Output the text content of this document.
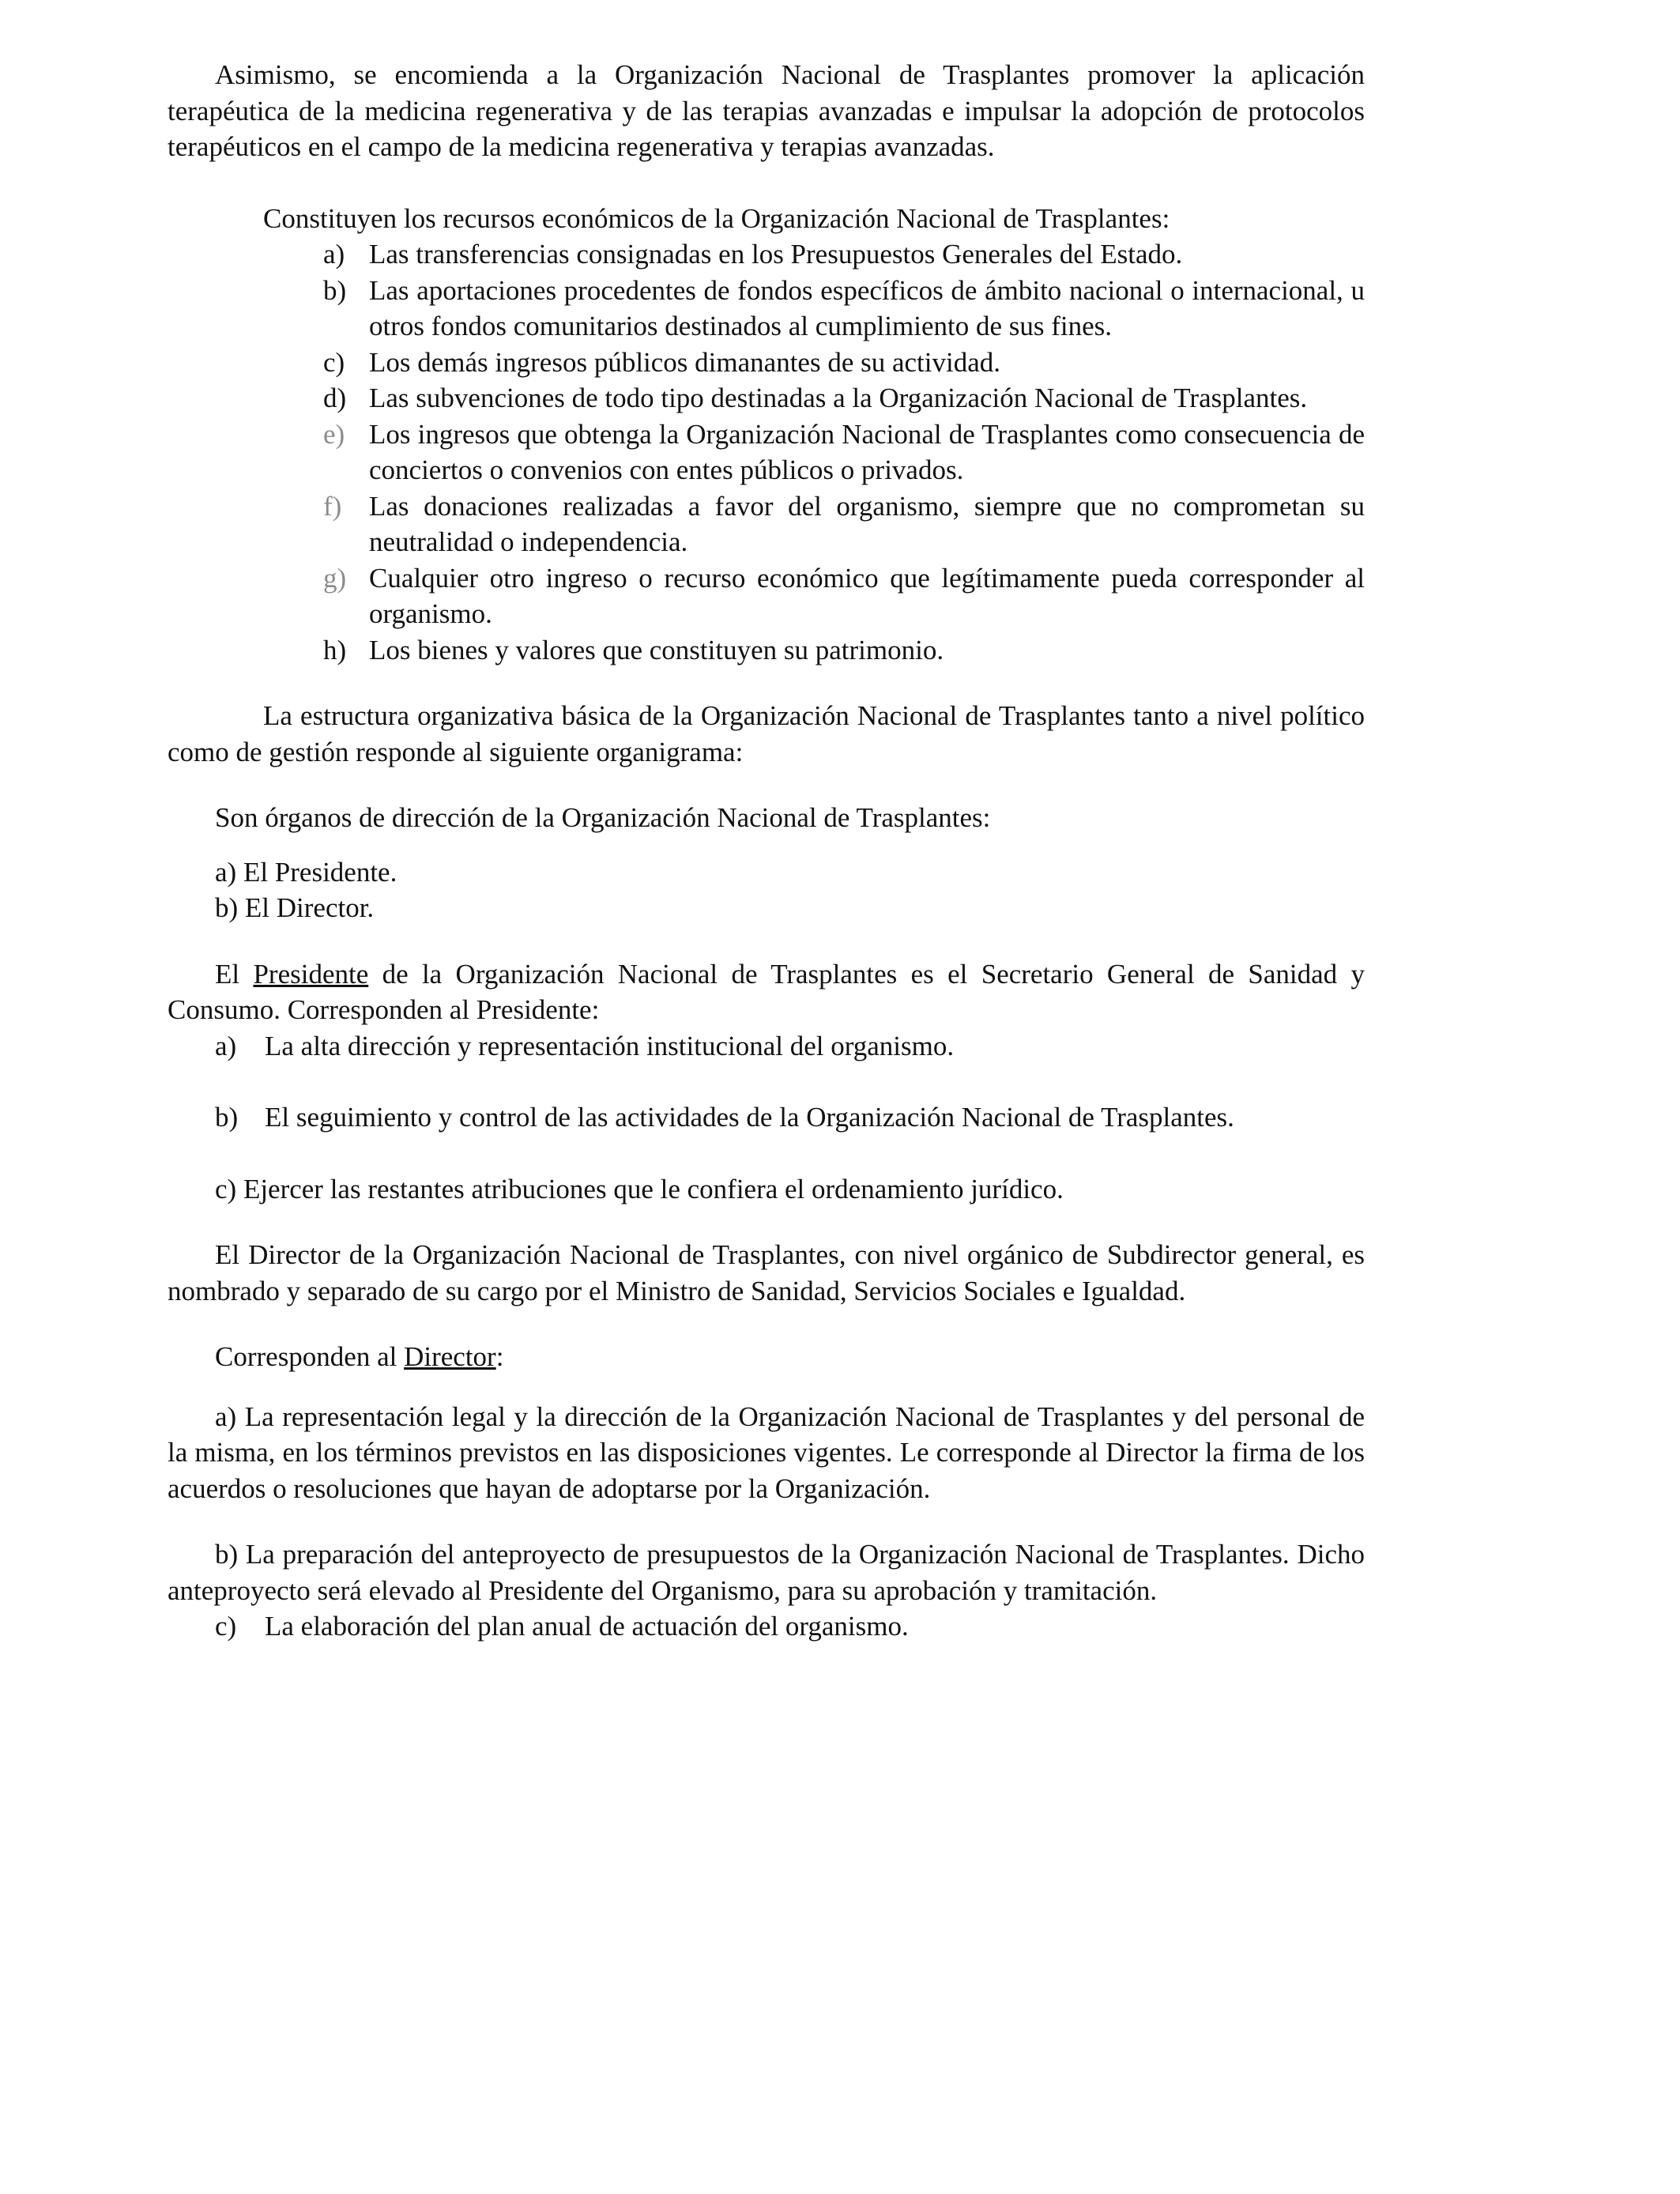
Asimismo, se encomienda a la Organización Nacional de Trasplantes promover la aplicación terapéutica de la medicina regenerativa y de las terapias avanzadas e impulsar la adopción de protocolos terapéuticos en el campo de la medicina regenerativa y terapias avanzadas.

Constituyen los recursos económicos de la Organización Nacional de Trasplantes:

a) Las transferencias consignadas en los Presupuestos Generales del Estado.
b) Las aportaciones procedentes de fondos específicos de ámbito nacional o internacional, u otros fondos comunitarios destinados al cumplimiento de sus fines.
c) Los demás ingresos públicos dimanantes de su actividad.
d) Las subvenciones de todo tipo destinadas a la Organización Nacional de Trasplantes.
e) Los ingresos que obtenga la Organización Nacional de Trasplantes como consecuencia de conciertos o convenios con entes públicos o privados.
f) Las donaciones realizadas a favor del organismo, siempre que no comprometan su neutralidad o independencia.
g) Cualquier otro ingreso o recurso económico que legítimamente pueda corresponder al organismo.
h) Los bienes y valores que constituyen su patrimonio.

La estructura organizativa básica de la Organización Nacional de Trasplantes tanto a nivel político como de gestión responde al siguiente organigrama:

Son órganos de dirección de la Organización Nacional de Trasplantes:

a) El Presidente.
b) El Director.

El Presidente de la Organización Nacional de Trasplantes es el Secretario General de Sanidad y Consumo. Corresponden al Presidente:

a) La alta dirección y representación institucional del organismo.
b) El seguimiento y control de las actividades de la Organización Nacional de Trasplantes.

c) Ejercer las restantes atribuciones que le confiera el ordenamiento jurídico.

El Director de la Organización Nacional de Trasplantes, con nivel orgánico de Subdirector general, es nombrado y separado de su cargo por el Ministro de Sanidad, Servicios Sociales e Igualdad.

Corresponden al Director:

a) La representación legal y la dirección de la Organización Nacional de Trasplantes y del personal de la misma, en los términos previstos en las disposiciones vigentes. Le corresponde al Director la firma de los acuerdos o resoluciones que hayan de adoptarse por la Organización.

b) La preparación del anteproyecto de presupuestos de la Organización Nacional de Trasplantes. Dicho anteproyecto será elevado al Presidente del Organismo, para su aprobación y tramitación.

c) La elaboración del plan anual de actuación del organismo.
